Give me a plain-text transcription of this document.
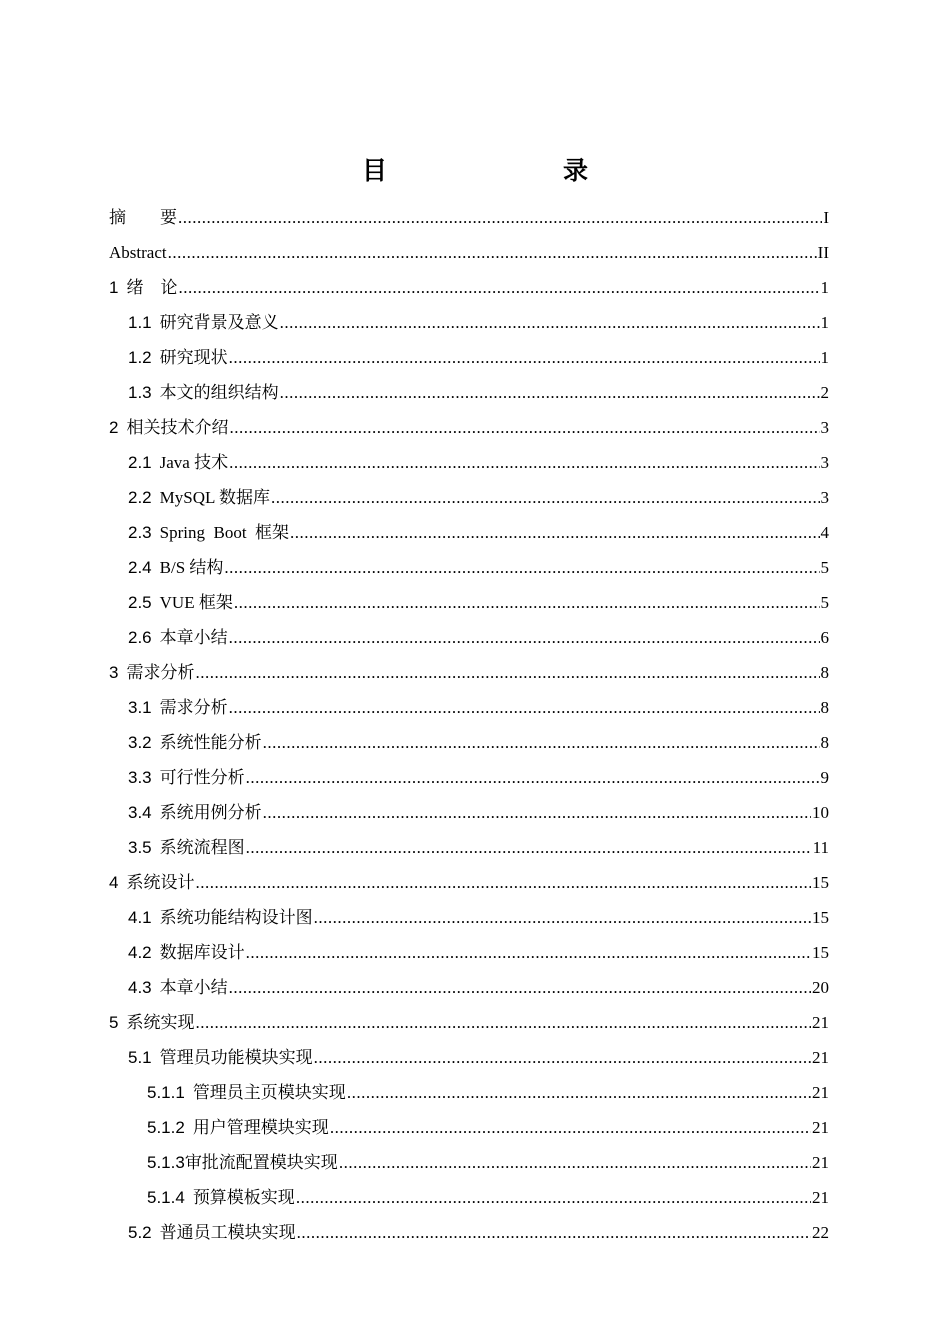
目　　录
摘　　要 .....	I
Abstract .....	II
1 绪　论 .....	1
1.1 研究背景及意义 .....	1
1.2 研究现状 .....	1
1.3 本文的组织结构 .....	2
2 相关技术介绍 .....	3
2.1 Java 技术 .....	3
2.2 MySQL 数据库 .....	3
2.3 Spring  Boot  框架 .....	4
2.4 B/S 结构 .....	5
2.5 VUE 框架 .....	5
2.6 本章小结 .....	6
3 需求分析 .....	8
3.1 需求分析 .....	8
3.2 系统性能分析 .....	8
3.3 可行性分析 .....	9
3.4 系统用例分析 .....	10
3.5 系统流程图 .....	11
4 系统设计 .....	15
4.1 系统功能结构设计图 .....	15
4.2 数据库设计 .....	15
4.3 本章小结 .....	20
5 系统实现 .....	21
5.1 管理员功能模块实现 .....	21
5.1.1 管理员主页模块实现 .....	21
5.1.2 用户管理模块实现 .....	21
5.1.3 审批流配置模块实现 .....	21
5.1.4 预算模板实现 .....	21
5.2 普通员工模块实现 .....	22
